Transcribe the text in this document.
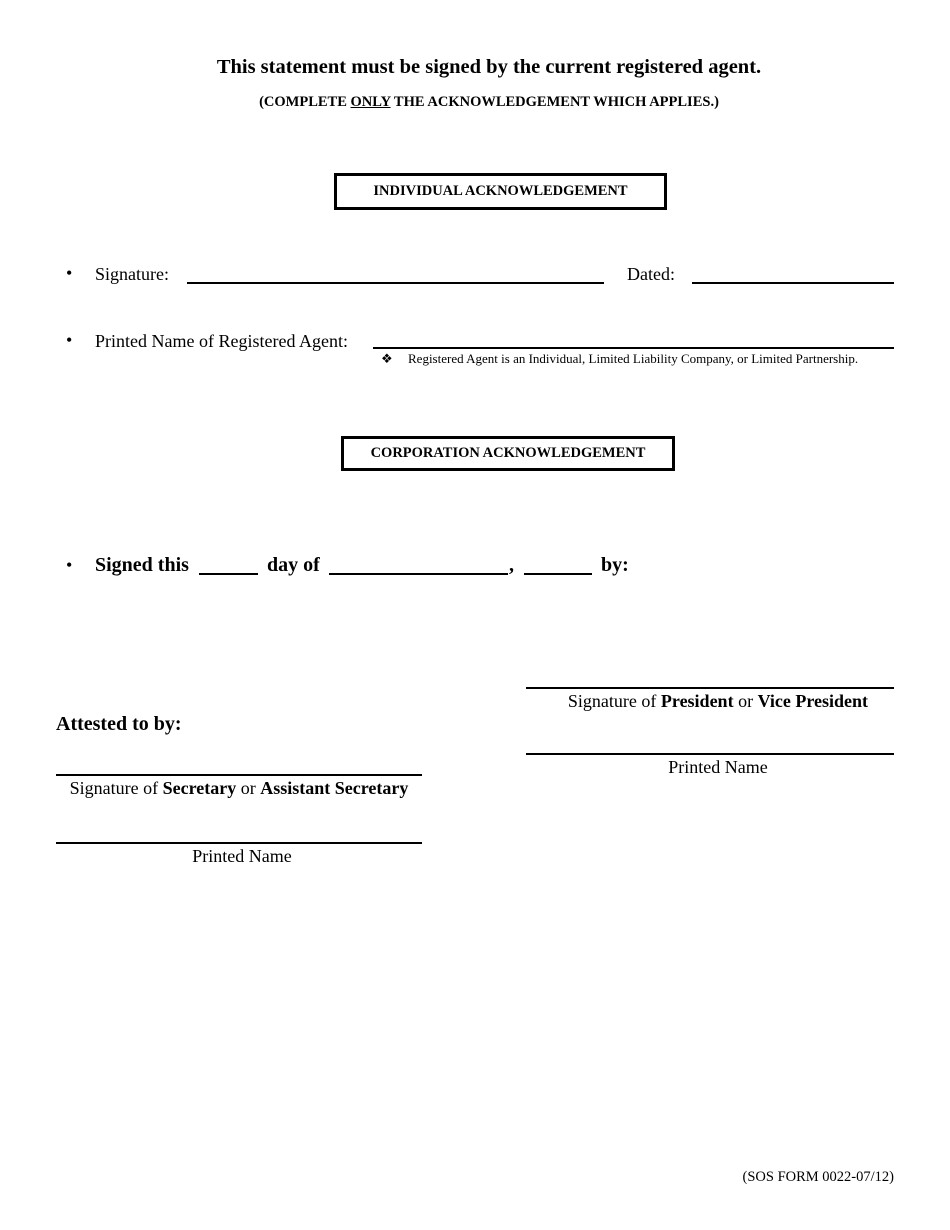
This statement must be signed by the current registered agent.
(COMPLETE ONLY THE ACKNOWLEDGEMENT WHICH APPLIES.)
INDIVIDUAL ACKNOWLEDGEMENT
• Signature:	Dated:
• Printed Name of Registered Agent:
❖ Registered Agent is an Individual, Limited Liability Company, or Limited Partnership.
CORPORATION ACKNOWLEDGEMENT
• Signed this	day of	,	by:
Signature of President or Vice President
Printed Name
Attested to by:
Signature of Secretary or Assistant Secretary
Printed Name
(SOS FORM 0022-07/12)
